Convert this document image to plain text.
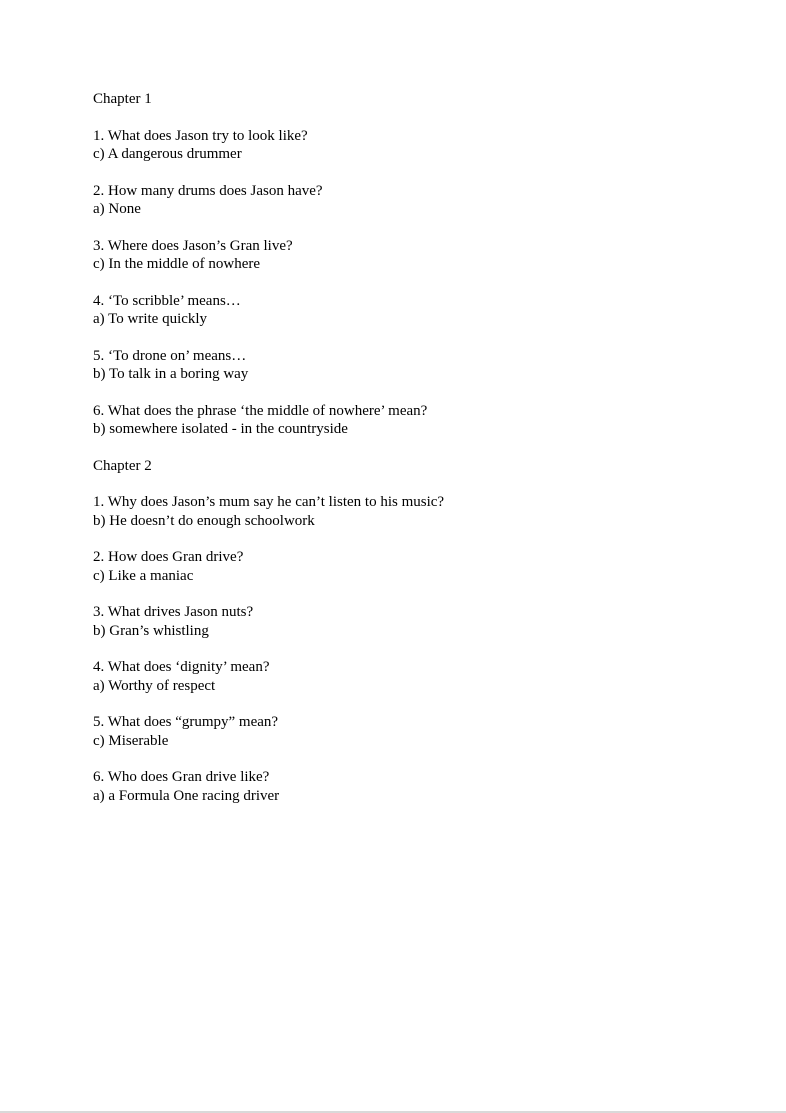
Chapter 1
1. What does Jason try to look like?
c) A dangerous drummer
2. How many drums does Jason have?
a) None
3. Where does Jason’s Gran live?
c) In the middle of nowhere
4. ‘To scribble’ means…
a) To write quickly
5. ‘To drone on’ means…
b) To talk in a boring way
6. What does the phrase ‘the middle of nowhere’ mean?
b) somewhere isolated - in the countryside
Chapter 2
1. Why does Jason’s mum say he can’t listen to his music?
b) He doesn’t do enough schoolwork
2. How does Gran drive?
c) Like a maniac
3. What drives Jason nuts?
b) Gran’s whistling
4. What does ‘dignity’ mean?
a) Worthy of respect
5. What does “grumpy” mean?
c) Miserable
6. Who does Gran drive like?
a) a Formula One racing driver
